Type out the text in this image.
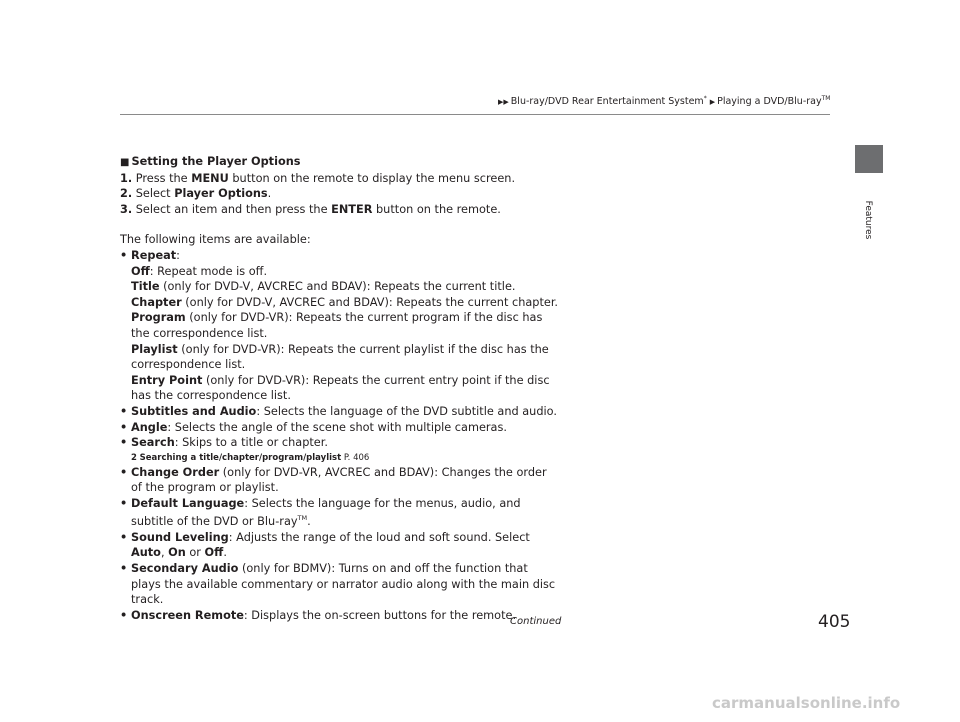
▶▶ Blu-ray/DVD Rear Entertainment System* ▶ Playing a DVD/Blu-ray™
Features

■ Setting the Player Options

1. Press the MENU button on the remote to display the menu screen.

2. Select Player Options.

3. Select an item and then press the ENTER button on the remote.

The following items are available:

• Repeat:

Off: Repeat mode is off.

Title (only for DVD-V, AVCREC and BDAV): Repeats the current title.

Chapter (only for DVD-V, AVCREC and BDAV): Repeats the current chapter.

Program (only for DVD-VR): Repeats the current program if the disc has the correspondence list.

Playlist (only for DVD-VR): Repeats the current playlist if the disc has the correspondence list.

Entry Point (only for DVD-VR): Repeats the current entry point if the disc has the correspondence list.

• Subtitles and Audio: Selects the language of the DVD subtitle and audio.

• Angle: Selects the angle of the scene shot with multiple cameras.

• Search: Skips to a title or chapter.

2 Searching a title/chapter/program/playlist P. 406

• Change Order (only for DVD-VR, AVCREC and BDAV): Changes the order of the program or playlist.

• Default Language: Selects the language for the menus, audio, and subtitle of the DVD or Blu-ray™.

• Sound Leveling: Adjusts the range of the loud and soft sound. Select Auto, On or Off.

• Secondary Audio (only for BDMV): Turns on and off the function that plays the available commentary or narrator audio along with the main disc track.

• Onscreen Remote: Displays the on-screen buttons for the remote.

Continued	405
carmanualsonline.info
